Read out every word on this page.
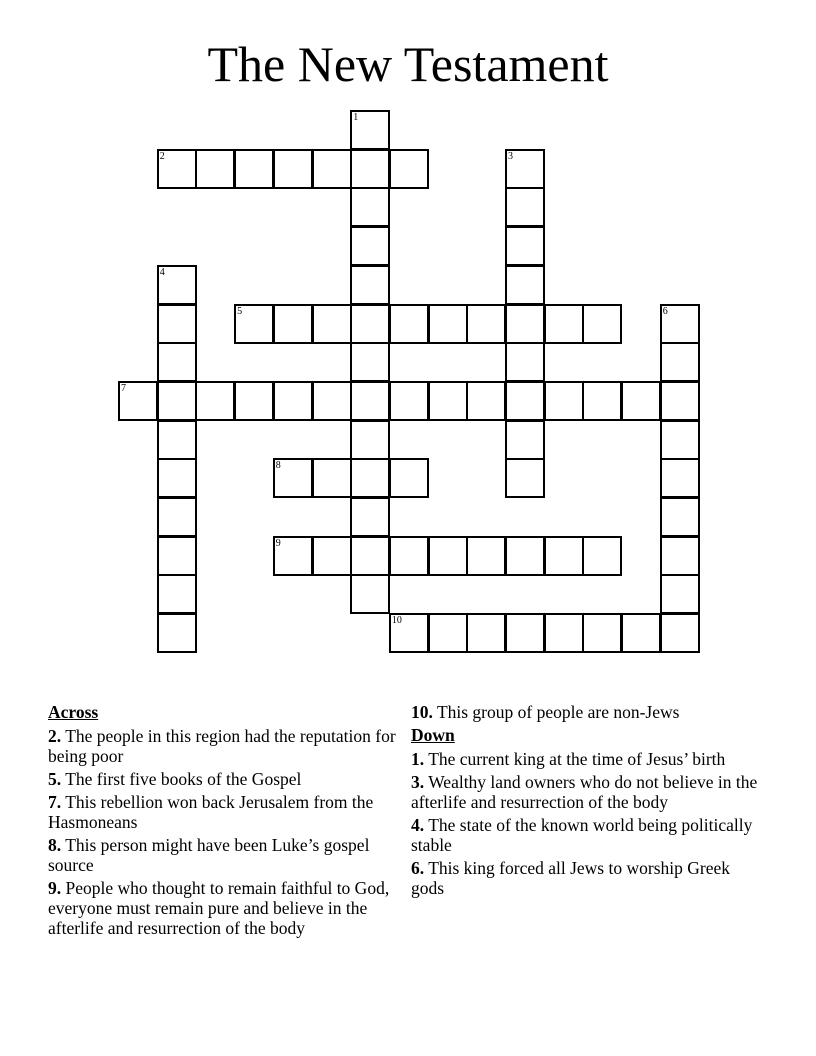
The New Testament
1
2	3
4
5	6
7
8
9
10
Across
2. The people in this region had the reputation for being poor
5. The first five books of the Gospel
7. This rebellion won back Jerusalem from the Hasmoneans
8. This person might have been Luke’s gospel source
9. People who thought to remain faithful to God, everyone must remain pure and believe in the afterlife and resurrection of the body
10. This group of people are non-Jews
Down
1. The current king at the time of Jesus’ birth
3. Wealthy land owners who do not believe in the afterlife and resurrection of the body
4. The state of the known world being politically stable
6. This king forced all Jews to worship Greek gods
